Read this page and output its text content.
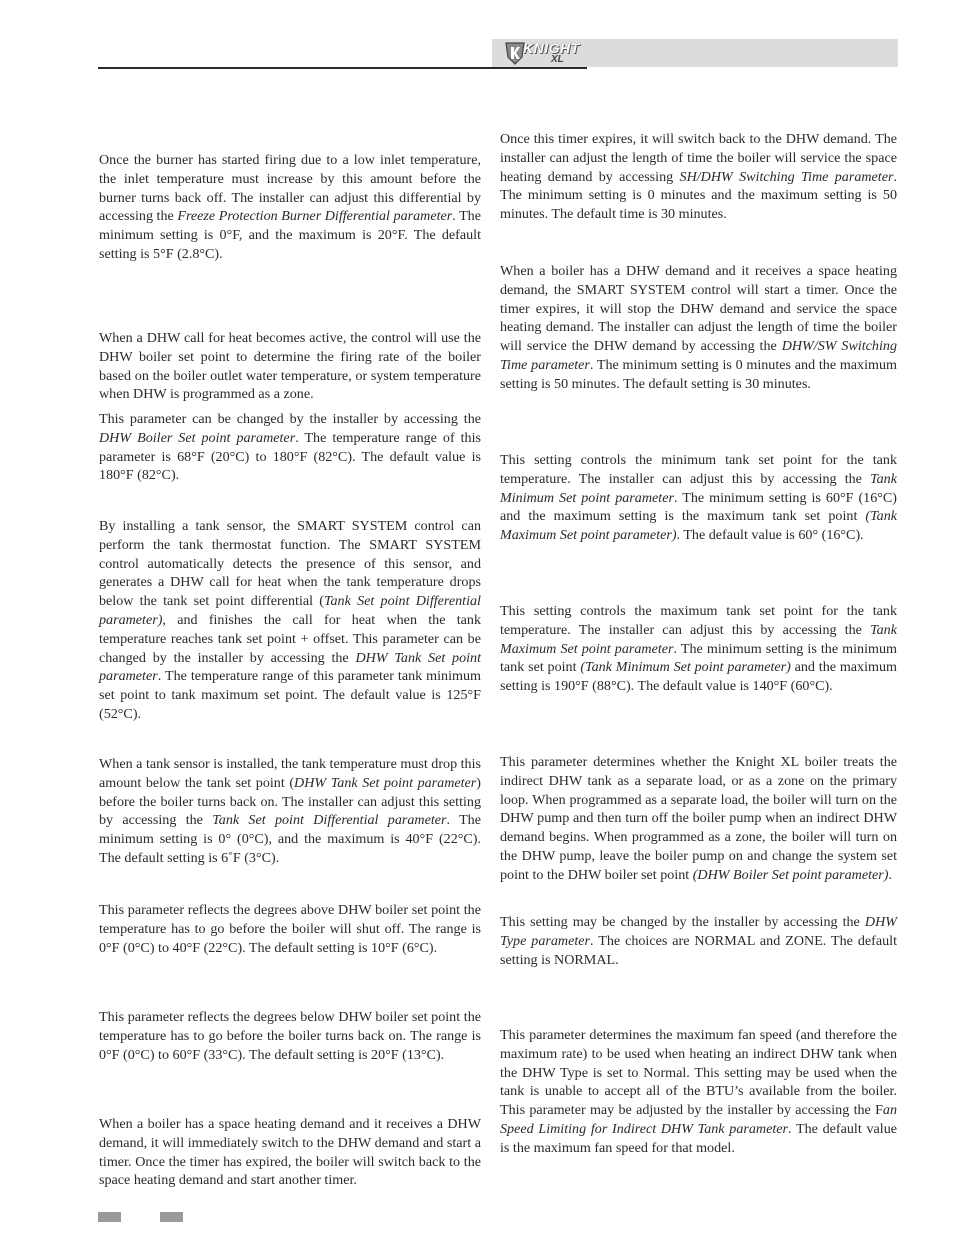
KNIGHT
XL

Once the burner has started firing due to a low inlet temperature, the inlet temperature must increase by this amount before the burner turns back off. The installer can adjust this differential by accessing the Freeze Protection Burner Differential parameter. The minimum setting is 0°F, and the maximum is 20°F. The default setting is 5°F (2.8°C).

When a DHW call for heat becomes active, the control will use the DHW boiler set point to determine the firing rate of the boiler based on the boiler outlet water temperature, or system temperature when DHW is programmed as a zone.

This parameter can be changed by the installer by accessing the DHW Boiler Set point parameter. The temperature range of this parameter is 68°F (20°C) to 180°F (82°C). The default value is 180°F (82°C).

By installing a tank sensor, the SMART SYSTEM control can perform the tank thermostat function. The SMART SYSTEM control automatically detects the presence of this sensor, and generates a DHW call for heat when the tank temperature drops below the tank set point differential (Tank Set point Differential parameter), and finishes the call for heat when the tank temperature reaches tank set point + offset. This parameter can be changed by the installer by accessing the DHW Tank Set point parameter. The temperature range of this parameter tank minimum set point to tank maximum set point. The default value is 125°F (52°C).

When a tank sensor is installed, the tank temperature must drop this amount below the tank set point (DHW Tank Set point parameter) before the boiler turns back on. The installer can adjust this setting by accessing the Tank Set point Differential parameter. The minimum setting is 0° (0°C), and the maximum is 40°F (22°C). The default setting is 6˚F (3°C).

This parameter reflects the degrees above DHW boiler set point the temperature has to go before the boiler will shut off. The range is 0°F (0°C) to 40°F (22°C). The default setting is 10°F (6°C).

This parameter reflects the degrees below DHW boiler set point the temperature has to go before the boiler turns back on. The range is 0°F (0°C) to 60°F (33°C). The default setting is 20°F (13°C).

When a boiler has a space heating demand and it receives a DHW demand, it will immediately switch to the DHW demand and start a timer. Once the timer has expired, the boiler will switch back to the space heating demand and start another timer.

Once this timer expires, it will switch back to the DHW demand. The installer can adjust the length of time the boiler will service the space heating demand by accessing SH/DHW Switching Time parameter. The minimum setting is 0 minutes and the maximum setting is 50 minutes. The default time is 30 minutes.

When a boiler has a DHW demand and it receives a space heating demand, the SMART SYSTEM control will start a timer. Once the timer expires, it will stop the DHW demand and service the space heating demand. The installer can adjust the length of time the boiler will service the DHW demand by accessing the DHW/SW Switching Time parameter. The minimum setting is 0 minutes and the maximum setting is 50 minutes. The default setting is 30 minutes.

This setting controls the minimum tank set point for the tank temperature. The installer can adjust this by accessing the Tank Minimum Set point parameter. The minimum setting is 60°F (16°C) and the maximum setting is the maximum tank set point (Tank Maximum Set point parameter). The default value is 60° (16°C).

This setting controls the maximum tank set point for the tank temperature. The installer can adjust this by accessing the Tank Maximum Set point parameter. The minimum setting is the minimum tank set point (Tank Minimum Set point parameter) and the maximum setting is 190°F (88°C). The default value is 140°F (60°C).

This parameter determines whether the Knight XL boiler treats the indirect DHW tank as a separate load, or as a zone on the primary loop. When programmed as a separate load, the boiler will turn on the DHW pump and then turn off the boiler pump when an indirect DHW demand begins. When programmed as a zone, the boiler will turn on the DHW pump, leave the boiler pump on and change the system set point to the DHW boiler set point (DHW Boiler Set point parameter).

This setting may be changed by the installer by accessing the DHW Type parameter. The choices are NORMAL and ZONE. The default setting is NORMAL.

This parameter determines the maximum fan speed (and therefore the maximum rate) to be used when heating an indirect DHW tank when the DHW Type is set to Normal. This setting may be used when the tank is unable to accept all of the BTU’s available from the boiler. This parameter may be adjusted by the installer by accessing the Fan Speed Limiting for Indirect DHW Tank parameter. The default value is the maximum fan speed for that model.
